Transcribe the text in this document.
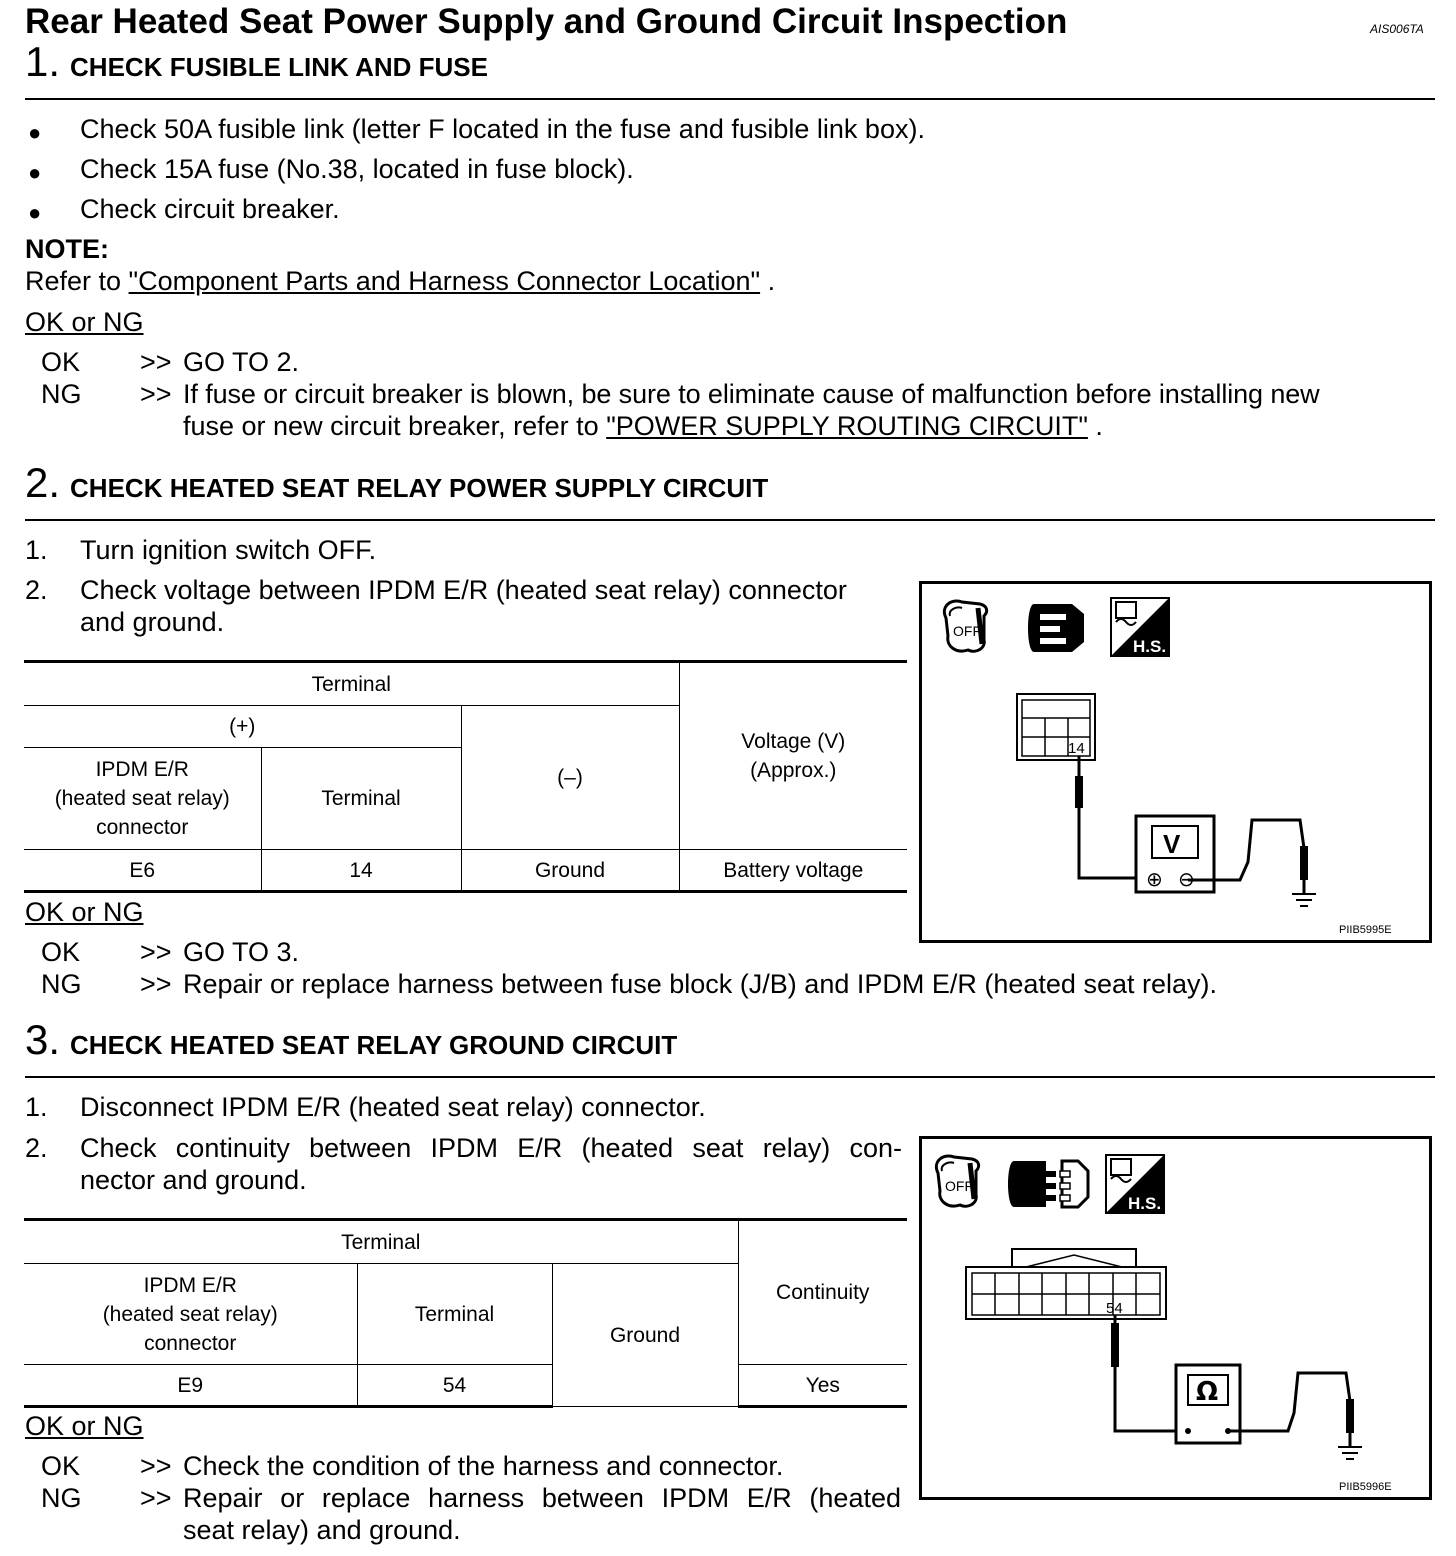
Rear Heated Seat Power Supply and Ground Circuit Inspection	AIS006TA
1. CHECK FUSIBLE LINK AND FUSE
● Check 50A fusible link (letter F located in the fuse and fusible link box).
● Check 15A fuse (No.38, located in fuse block).
● Check circuit breaker.
NOTE:
Refer to "Component Parts and Harness Connector Location" .
OK or NG
OK >> GO TO 2.
NG >> If fuse or circuit breaker is blown, be sure to eliminate cause of malfunction before installing new
fuse or new circuit breaker, refer to "POWER SUPPLY ROUTING CIRCUIT" .
2. CHECK HEATED SEAT RELAY POWER SUPPLY CIRCUIT
1. Turn ignition switch OFF.
2. Check voltage between IPDM E/R (heated seat relay) connector
and ground.
Terminal			Voltage (V)
(Approx.)

(+)		(–)	

IPDM E/R
(heated seat relay)
connector	Terminal		
E6	14	Ground	Battery voltage
OFF
H.S.
14
V
⊕ ⊖
PIIB5995E
OK or NG
OK >> GO TO 3.
NG >> Repair or replace harness between fuse block (J/B) and IPDM E/R (heated seat relay).
3. CHECK HEATED SEAT RELAY GROUND CIRCUIT
1. Disconnect IPDM E/R (heated seat relay) connector.
2. Check continuity between IPDM E/R (heated seat relay) con-
nector and ground.
Terminal			Continuity

IPDM E/R
(heated seat relay)
connector	Terminal	Ground	
E9	54		Yes
OFF
H.S.
54
Ω
PIIB5996E
OK or NG
OK >> Check the condition of the harness and connector.
NG >> Repair or replace harness between IPDM E/R (heated
seat relay) and ground.
